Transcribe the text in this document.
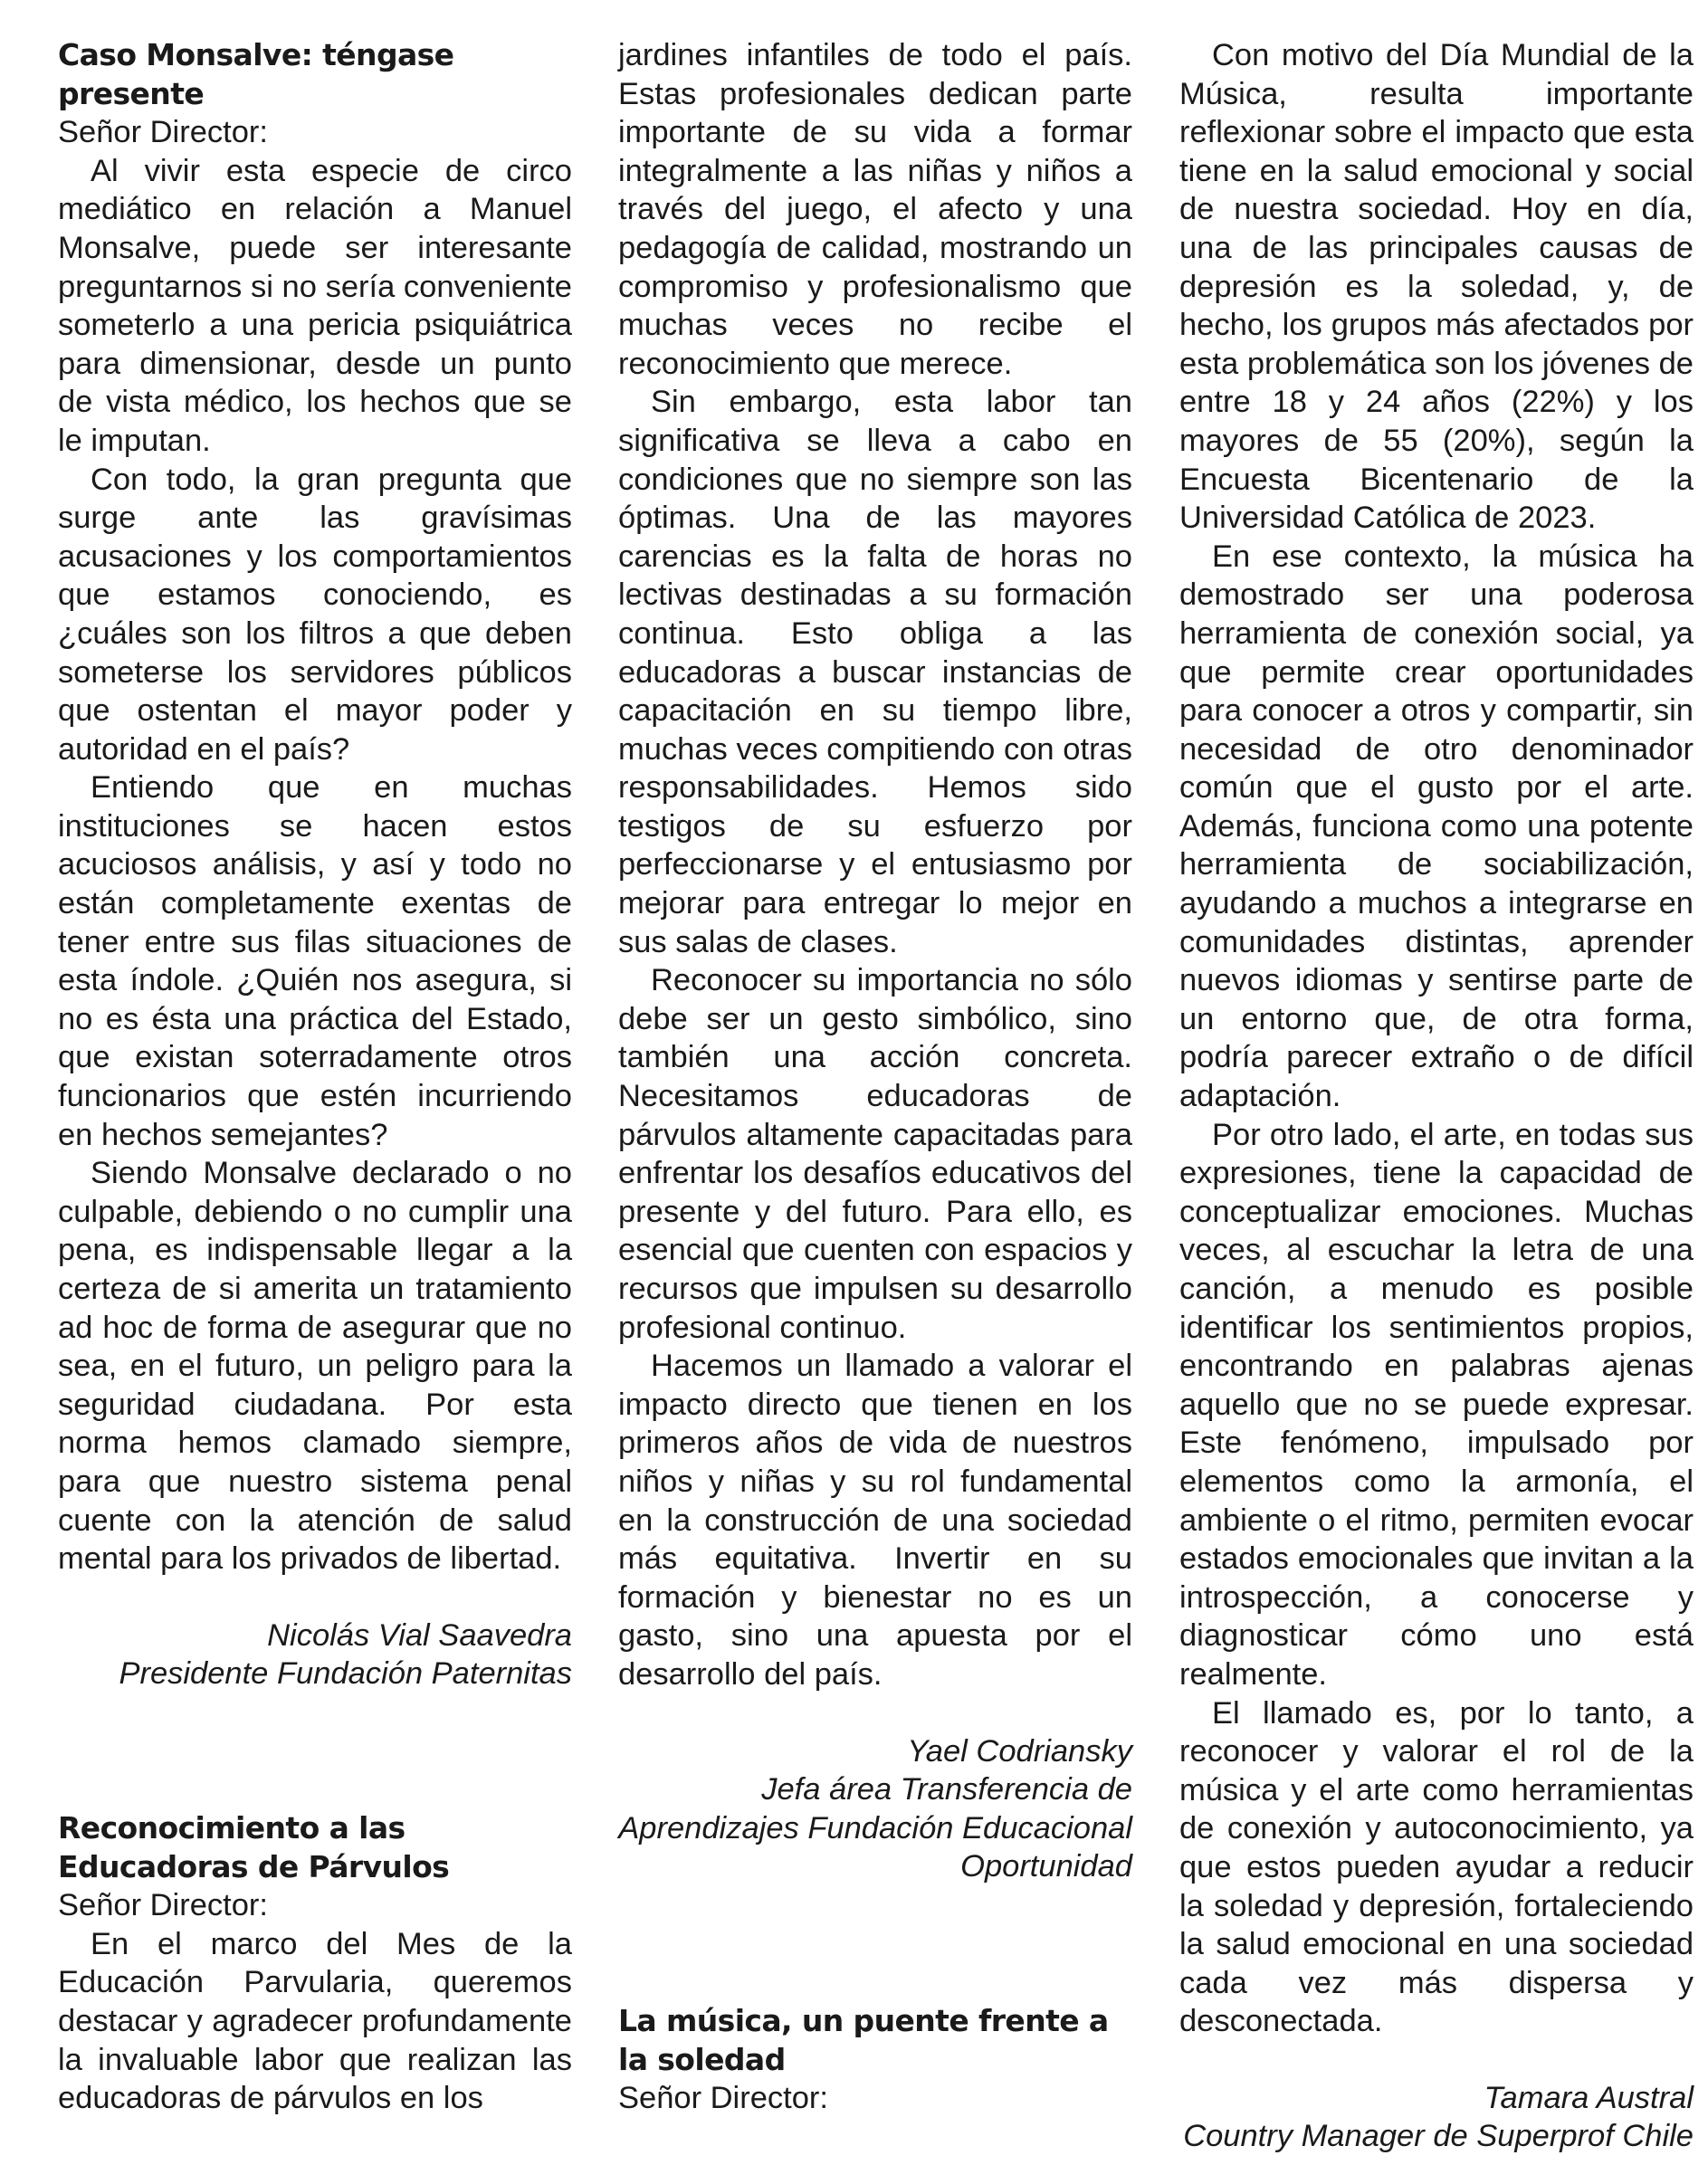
Caso Monsalve: téngase presente
Señor Director:

Al vivir esta especie de circo mediático en relación a Manuel Monsalve, puede ser interesante preguntarnos si no sería conveniente someterlo a una pericia psiquiátrica para dimensionar, desde un punto de vista médico, los hechos que se le imputan.

Con todo, la gran pregunta que surge ante las gravísimas acusaciones y los comportamientos que estamos conociendo, es ¿cuáles son los filtros a que deben someterse los servidores públicos que ostentan el mayor poder y autoridad en el país?

Entiendo que en muchas instituciones se hacen estos acuciosos análisis, y así y todo no están completamente exentas de tener entre sus filas situaciones de esta índole. ¿Quién nos asegura, si no es ésta una práctica del Estado, que existan soterradamente otros funcionarios que estén incurriendo en hechos semejantes?

Siendo Monsalve declarado o no culpable, debiendo o no cumplir una pena, es indispensable llegar a la certeza de si amerita un tratamiento ad hoc de forma de asegurar que no sea, en el futuro, un peligro para la seguridad ciudadana. Por esta norma hemos clamado siempre, para que nuestro sistema penal cuente con la atención de salud mental para los privados de libertad.

Nicolás Vial Saavedra

Presidente Fundación Paternitas

Reconocimiento a las Educadoras de Párvulos
Señor Director:

En el marco del Mes de la Educación Parvularia, queremos destacar y agradecer profundamente la invaluable labor que realizan las educadoras de párvulos en los

jardines infantiles de todo el país. Estas profesionales dedican parte importante de su vida a formar integralmente a las niñas y niños a través del juego, el afecto y una pedagogía de calidad, mostrando un compromiso y profesionalismo que muchas veces no recibe el reconocimiento que merece.

Sin embargo, esta labor tan significativa se lleva a cabo en condiciones que no siempre son las óptimas. Una de las mayores carencias es la falta de horas no lectivas destinadas a su formación continua. Esto obliga a las educadoras a buscar instancias de capacitación en su tiempo libre, muchas veces compitiendo con otras responsabilidades. Hemos sido testigos de su esfuerzo por perfeccionarse y el entusiasmo por mejorar para entregar lo mejor en sus salas de clases.

Reconocer su importancia no sólo debe ser un gesto simbólico, sino también una acción concreta. Necesitamos educadoras de párvulos altamente capacitadas para enfrentar los desafíos educativos del presente y del futuro. Para ello, es esencial que cuenten con espacios y recursos que impulsen su desarrollo profesional continuo.

Hacemos un llamado a valorar el impacto directo que tienen en los primeros años de vida de nuestros niños y niñas y su rol fundamental en la construcción de una sociedad más equitativa. Invertir en su formación y bienestar no es un gasto, sino una apuesta por el desarrollo del país.

Yael Codriansky

Jefa área Transferencia de

Aprendizajes Fundación Educacional

Oportunidad

La música, un puente frente a la soledad
Señor Director:

Con motivo del Día Mundial de la Música, resulta importante reflexionar sobre el impacto que esta tiene en la salud emocional y social de nuestra sociedad. Hoy en día, una de las principales causas de depresión es la soledad, y, de hecho, los grupos más afectados por esta problemática son los jóvenes de entre 18 y 24 años (22%) y los mayores de 55 (20%), según la Encuesta Bicentenario de la Universidad Católica de 2023.

En ese contexto, la música ha demostrado ser una poderosa herramienta de conexión social, ya que permite crear oportunidades para conocer a otros y compartir, sin necesidad de otro denominador común que el gusto por el arte. Además, funciona como una potente herramienta de sociabilización, ayudando a muchos a integrarse en comunidades distintas, aprender nuevos idiomas y sentirse parte de un entorno que, de otra forma, podría parecer extraño o de difícil adaptación.

Por otro lado, el arte, en todas sus expresiones, tiene la capacidad de conceptualizar emociones. Muchas veces, al escuchar la letra de una canción, a menudo es posible identificar los sentimientos propios, encontrando en palabras ajenas aquello que no se puede expresar. Este fenómeno, impulsado por elementos como la armonía, el ambiente o el ritmo, permiten evocar estados emocionales que invitan a la introspección, a conocerse y diagnosticar cómo uno está realmente.

El llamado es, por lo tanto, a reconocer y valorar el rol de la música y el arte como herramientas de conexión y autoconocimiento, ya que estos pueden ayudar a reducir la soledad y depresión, fortaleciendo la salud emocional en una sociedad cada vez más dispersa y desconectada.

Tamara Austral

Country Manager de Superprof Chile
